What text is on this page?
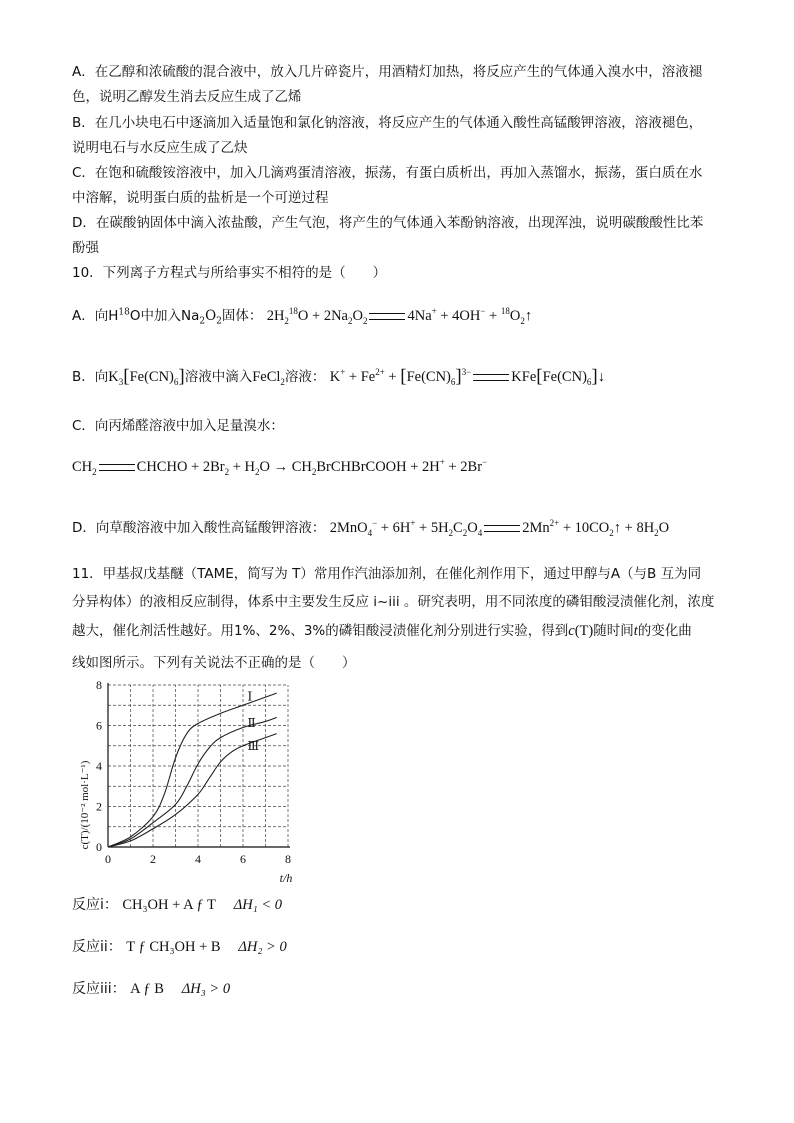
A．在乙醇和浓硫酸的混合液中，放入几片碎瓷片，用酒精灯加热，将反应产生的气体通入溴水中，溶液褪
色，说明乙醇发生消去反应生成了乙烯
B．在几小块电石中逐滴加入适量饱和氯化钠溶液，将反应产生的气体通入酸性高锰酸钾溶液，溶液褪色，
说明电石与水反应生成了乙炔
C．在饱和硫酸铵溶液中，加入几滴鸡蛋清溶液，振荡，有蛋白质析出，再加入蒸馏水，振荡，蛋白质在水
中溶解，说明蛋白质的盐析是一个可逆过程
D．在碳酸钠固体中滴入浓盐酸，产生气泡，将产生的气体通入苯酚钠溶液，出现浑浊，说明碳酸酸性比苯
酚强
10．下列离子方程式与所给事实不相符的是（　　）
A．向$H^{18}O$中加入$Na_2O_2$固体： $2H_2^{18}O + 2Na_2O_2$	$4Na^+ + 4OH^- + ^{18}O_2↑$
B．向$K_3[Fe(CN)_6]$溶液中滴入FeCl$_2$溶液： $K^+ + Fe^{2+} + [Fe(CN)_6]^{3-}$	$KFe[Fe(CN)_6]↓$
C．向丙烯醛溶液中加入足量溴水：
$CH_2$	CHCHO + $2Br_2 + H_2O$ → $CH_2BrCHBrCOOH + 2H^+ + 2Br^-$
D．向草酸溶液中加入酸性高锰酸钾溶液： $2MnO_4^- + 6H^+ + 5H_2C_2O_4$	$2Mn^{2+}$ + $10CO_2↑ + 8H_2O$
11．甲基叔戊基醚（TAME，简写为 T）常用作汽油添加剂，在催化剂作用下，通过甲醇与A（与B 互为同
分异构体）的液相反应制得，体系中主要发生反应 i~iii 。研究表明，用不同浓度的磷钼酸浸渍催化剂，浓度
越大，催化剂活性越好。用1%、2%、3%的磷钼酸浸渍催化剂分别进行实验，得到c(T)随时间t的变化曲
线如图所示。下列有关说法不正确的是（　　）
0	2	4	6	8
0
2
4
6
8
Ⅰ
Ⅱ
Ⅲ
c(T)/(10⁻² mol·L⁻¹)
t/h
反应i： CH₃OH + A ƒ T ΔH₁ < 0
反应ii： T ƒ CH₃OH + B ΔH₂ > 0
反应iii： A ƒ B ΔH₃ > 0
